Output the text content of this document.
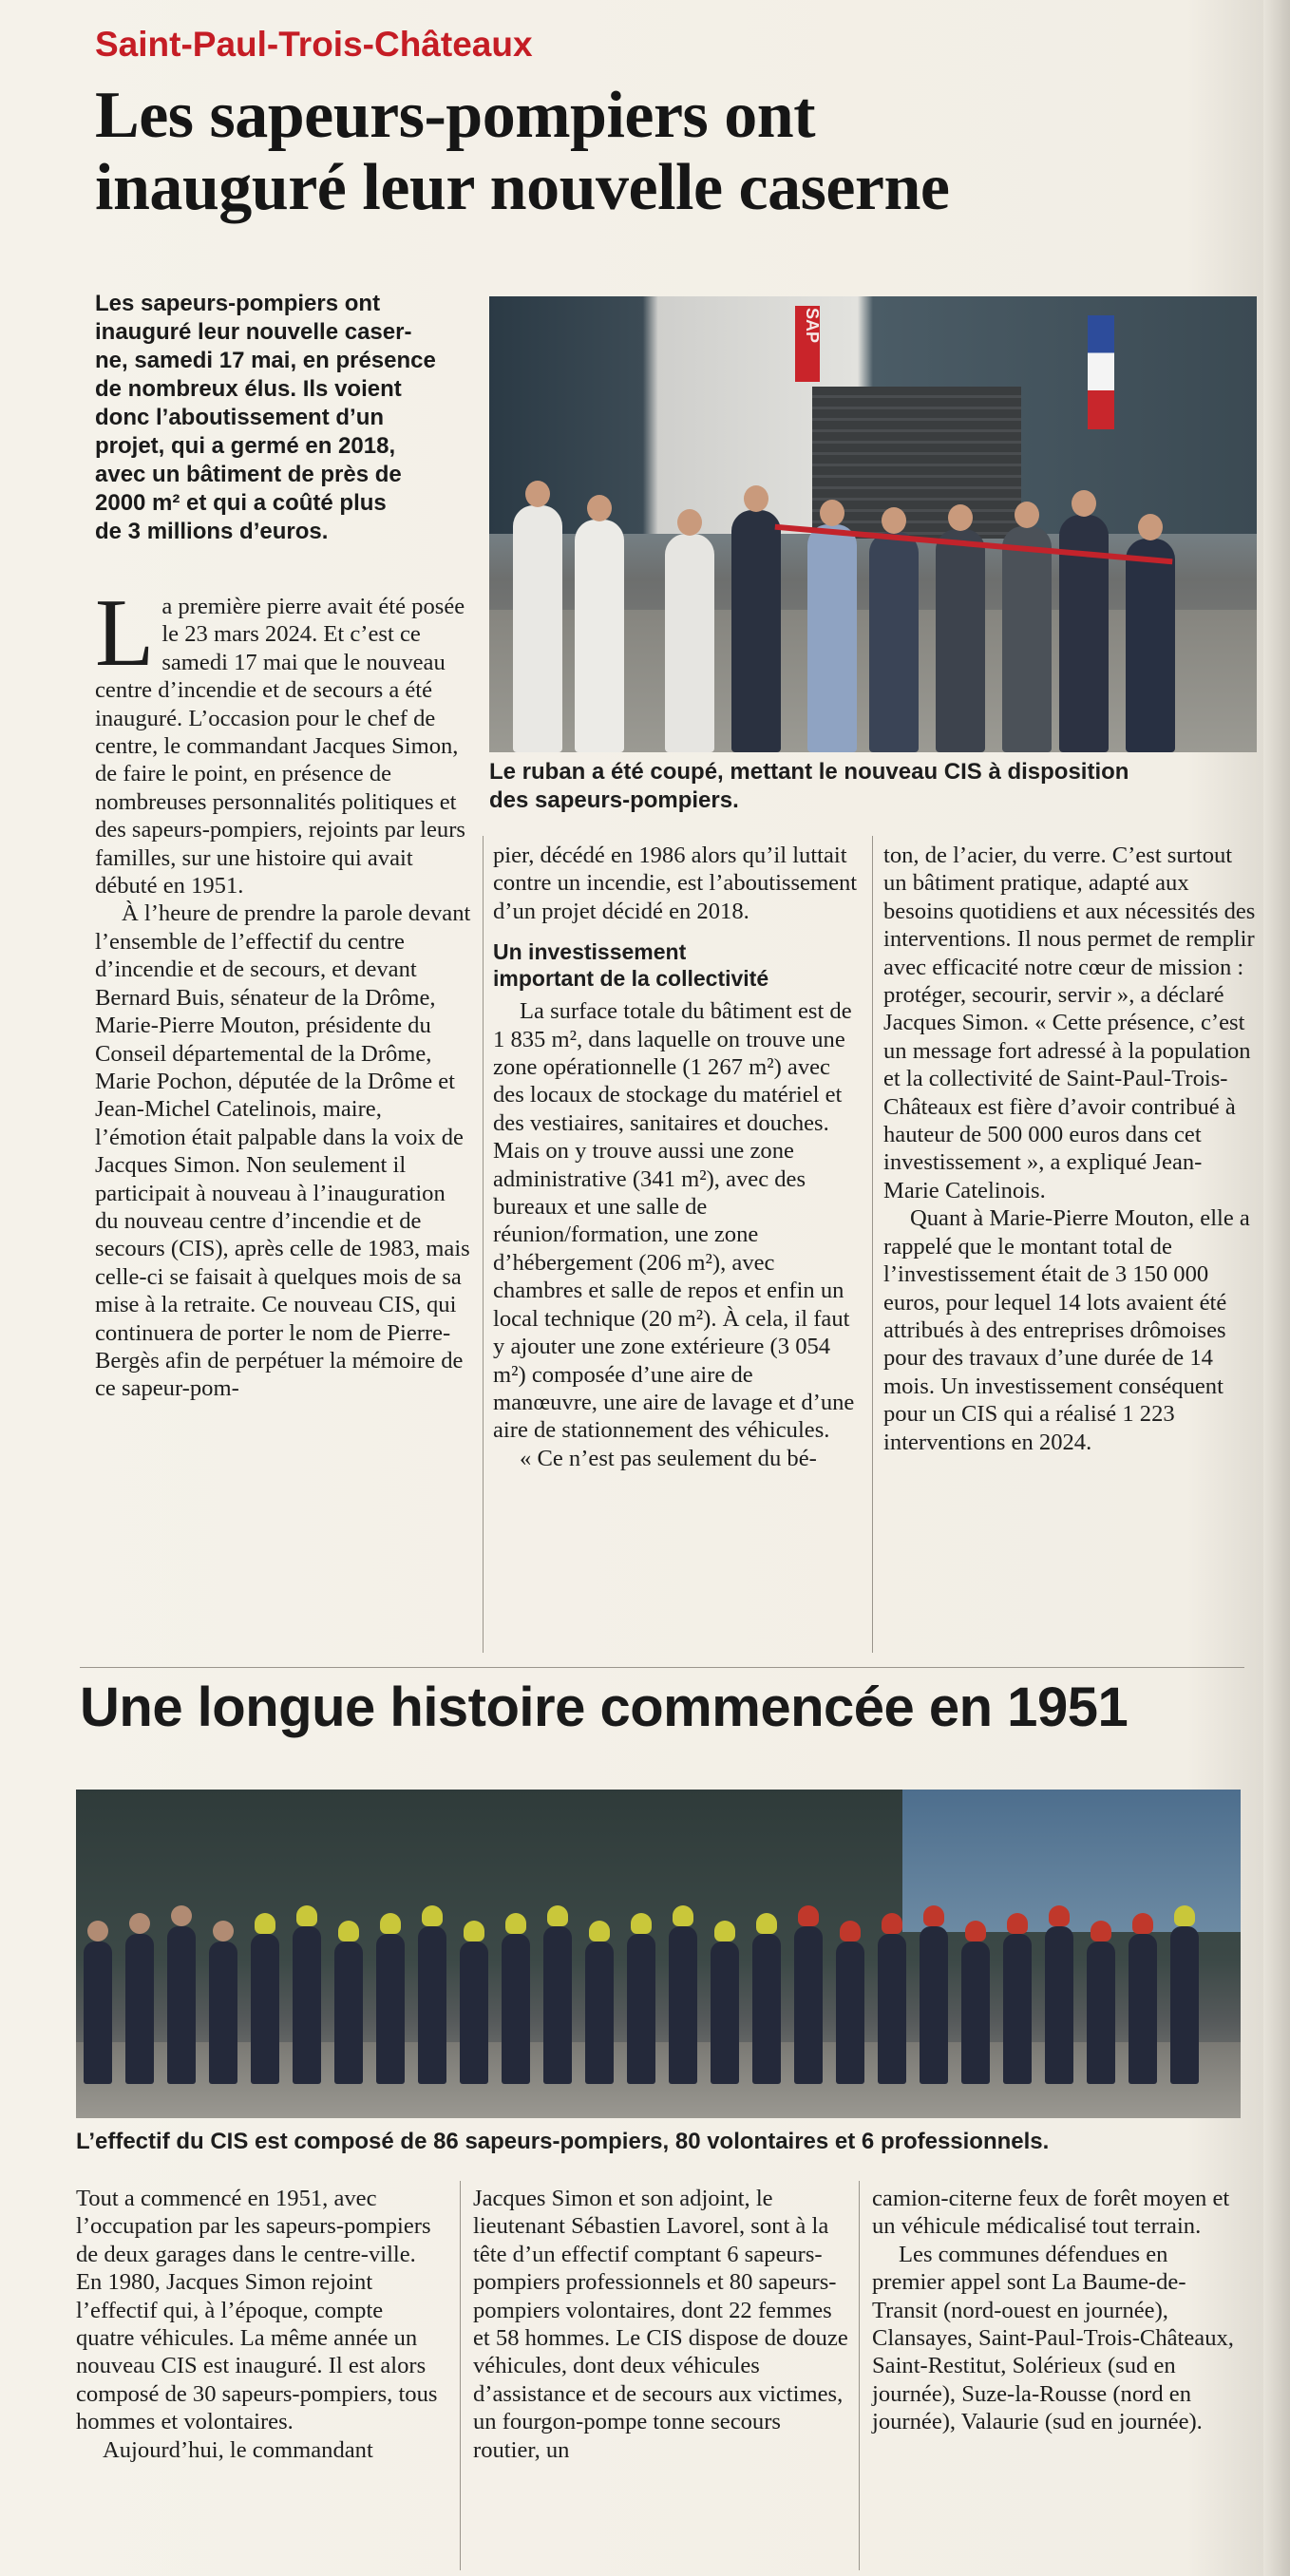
Saint-Paul-Trois-Châteaux
Les sapeurs-pompiers ont
inauguré leur nouvelle caserne
Les sapeurs-pompiers ont
inauguré leur nouvelle caser-
ne, samedi 17 mai, en présence
de nombreux élus. Ils voient
donc l’aboutissement d’un
projet, qui a germé en 2018,
avec un bâtiment de près de
2000 m² et qui a coûté plus
de 3 millions d’euros.
SAP
Le ruban a été coupé, mettant le nouveau CIS à disposition
des sapeurs-pompiers.

La première pierre avait été posée le 23 mars 2024. Et c’est ce samedi 17 mai que le nouveau centre d’incendie et de secours a été inauguré. L’occasion pour le chef de centre, le commandant Jacques Simon, de faire le point, en présence de nombreuses personnalités politiques et des sapeurs-pompiers, rejoints par leurs familles, sur une histoire qui avait débuté en 1951.

À l’heure de prendre la parole devant l’ensemble de l’effectif du centre d’incendie et de secours, et devant Bernard Buis, sénateur de la Drôme, Marie-Pierre Mouton, présidente du Conseil départemental de la Drôme, Marie Pochon, députée de la Drôme et Jean-Michel Catelinois, maire, l’émotion était palpable dans la voix de Jacques Simon. Non seulement il participait à nouveau à l’inauguration du nouveau centre d’incendie et de secours (CIS), après celle de 1983, mais celle-ci se faisait à quelques mois de sa mise à la retraite. Ce nouveau CIS, qui continuera de porter le nom de Pierre-Bergès afin de perpétuer la mémoire de ce sapeur-pom-

pier, décédé en 1986 alors qu’il luttait contre un incendie, est l’aboutissement d’un projet décidé en 2018.

Un investissement
important de la collectivité

La surface totale du bâtiment est de 1 835 m², dans laquelle on trouve une zone opérationnelle (1 267 m²) avec des locaux de stockage du matériel et des vestiaires, sanitaires et douches. Mais on y trouve aussi une zone administrative (341 m²), avec des bureaux et une salle de réunion/formation, une zone d’hébergement (206 m²), avec chambres et salle de repos et enfin un local technique (20 m²). À cela, il faut y ajouter une zone extérieure (3 054 m²) composée d’une aire de manœuvre, une aire de lavage et d’une aire de stationnement des véhicules.

« Ce n’est pas seulement du bé-

ton, de l’acier, du verre. C’est surtout un bâtiment pratique, adapté aux besoins quotidiens et aux nécessités des interventions. Il nous permet de remplir avec efficacité notre cœur de mission : protéger, secourir, servir », a déclaré Jacques Simon. « Cette présence, c’est un message fort adressé à la population et la collectivité de Saint-Paul-Trois-Châteaux est fière d’avoir contribué à hauteur de 500 000 euros dans cet investissement », a expliqué Jean-Marie Catelinois.

Quant à Marie-Pierre Mouton, elle a rappelé que le montant total de l’investissement était de 3 150 000 euros, pour lequel 14 lots avaient été attribués à des entreprises drômoises pour des travaux d’une durée de 14 mois. Un investissement conséquent pour un CIS qui a réalisé 1 223 interventions en 2024.

Une longue histoire commencée en 1951
L’effectif du CIS est composé de 86 sapeurs-pompiers, 80 volontaires et 6 professionnels.

Tout a commencé en 1951, avec l’occupation par les sapeurs-pompiers de deux garages dans le centre-ville. En 1980, Jacques Simon rejoint l’effectif qui, à l’époque, compte quatre véhicules. La même année un nouveau CIS est inauguré. Il est alors composé de 30 sapeurs-pompiers, tous hommes et volontaires.

Aujourd’hui, le commandant

Jacques Simon et son adjoint, le lieutenant Sébastien Lavorel, sont à la tête d’un effectif comptant 6 sapeurs-pompiers professionnels et 80 sapeurs-pompiers volontaires, dont 22 femmes et 58 hommes. Le CIS dispose de douze véhicules, dont deux véhicules d’assistance et de secours aux victimes, un fourgon-pompe tonne secours routier, un

camion-citerne feux de forêt moyen et un véhicule médicalisé tout terrain.

Les communes défendues en premier appel sont La Baume-de-Transit (nord-ouest en journée), Clansayes, Saint-Paul-Trois-Châteaux, Saint-Restitut, Solérieux (sud en journée), Suze-la-Rousse (nord en journée), Valaurie (sud en journée).
